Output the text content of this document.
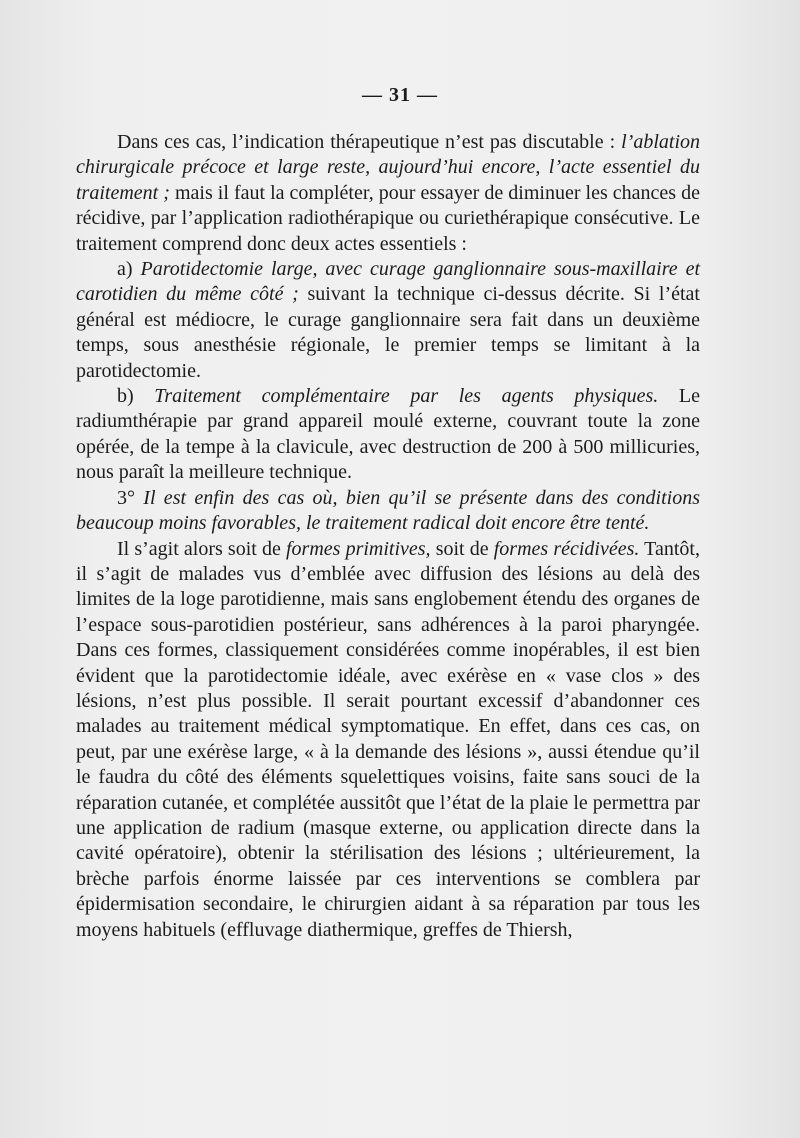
— 31 —

Dans ces cas, l’indication thérapeutique n’est pas discutable : l’ablation chirurgicale précoce et large reste, aujourd’hui encore, l’acte essentiel du traitement ; mais il faut la compléter, pour essayer de diminuer les chances de récidive, par l’application radiothérapique ou curiethérapique consécutive. Le traitement comprend donc deux actes essentiels :

a) Parotidectomie large, avec curage ganglionnaire sous-maxillaire et carotidien du même côté ; suivant la technique ci-dessus décrite. Si l’état général est médiocre, le curage ganglionnaire sera fait dans un deuxième temps, sous anesthésie régionale, le premier temps se limitant à la parotidectomie.

b) Traitement complémentaire par les agents physiques. Le radiumthérapie par grand appareil moulé externe, couvrant toute la zone opérée, de la tempe à la clavicule, avec destruction de 200 à 500 millicuries, nous paraît la meilleure technique.

3° Il est enfin des cas où, bien qu’il se présente dans des conditions beaucoup moins favorables, le traitement radical doit encore être tenté.

Il s’agit alors soit de formes primitives, soit de formes récidivées. Tantôt, il s’agit de malades vus d’emblée avec diffusion des lésions au delà des limites de la loge parotidienne, mais sans englobement étendu des organes de l’espace sous-parotidien postérieur, sans adhérences à la paroi pharyngée. Dans ces formes, classiquement considérées comme inopérables, il est bien évident que la parotidectomie idéale, avec exérèse en « vase clos » des lésions, n’est plus possible. Il serait pourtant excessif d’abandonner ces malades au traitement médical symptomatique. En effet, dans ces cas, on peut, par une exérèse large, « à la demande des lésions », aussi étendue qu’il le faudra du côté des éléments squelettiques voisins, faite sans souci de la réparation cutanée, et complétée aussitôt que l’état de la plaie le permettra par une application de radium (masque externe, ou application directe dans la cavité opératoire), obtenir la stérilisation des lésions ; ultérieurement, la brèche parfois énorme laissée par ces interventions se comblera par épidermisation secondaire, le chirurgien aidant à sa réparation par tous les moyens habituels (effluvage diathermique, greffes de Thiersh,
